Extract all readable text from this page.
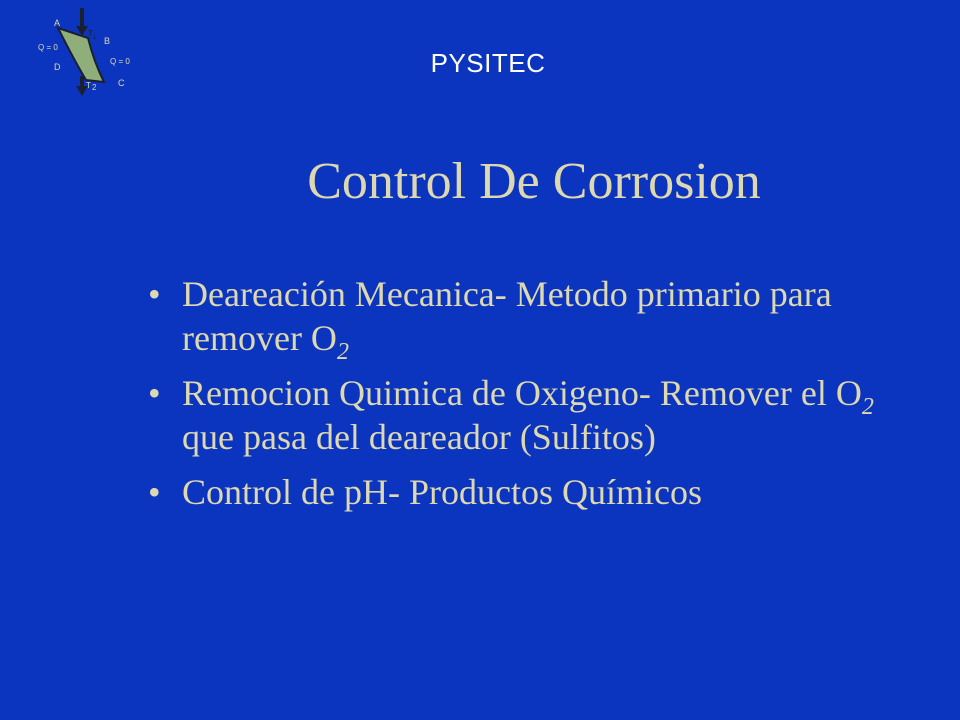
A
B
C
D
Q = 0
Q = 0
T 1
T 2
PYSITEC
Control De Corrosion
• Deareación Mecanica- Metodo primario para remover $O_2$
• Remocion Quimica de Oxigeno- Remover el $O_2$ que pasa del deareador (Sulfitos)
• Control de pH- Productos Químicos
